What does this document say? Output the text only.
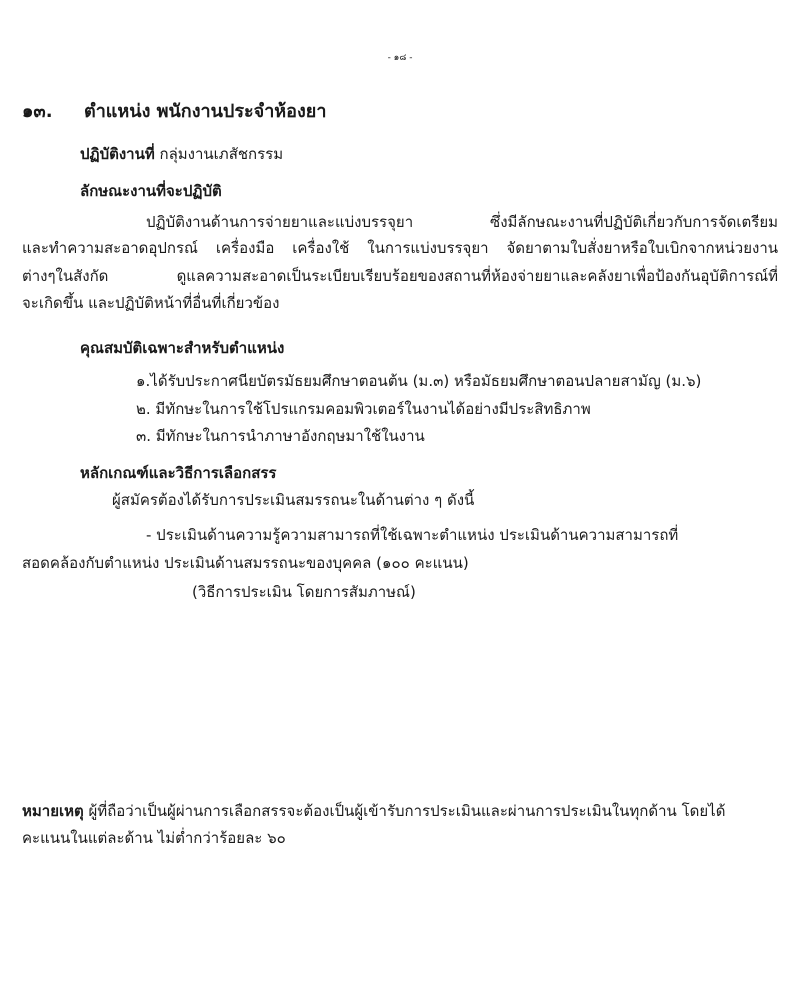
- ๑๘ -
๑๓. ตำแหน่ง พนักงานประจำห้องยา
ปฏิบัติงานที่ กลุ่มงานเภสัชกรรม
ลักษณะงานที่จะปฏิบัติ
ปฏิบัติงานด้านการจ่ายยาและแบ่งบรรจุยา ซึ่งมีลักษณะงานที่ปฏิบัติเกี่ยวกับการจัดเตรียม
และทำความสะอาดอุปกรณ์ เครื่องมือ เครื่องใช้ ในการแบ่งบรรจุยา จัดยาตามใบสั่งยาหรือใบเบิกจากหน่วยงาน
ต่างๆในสังกัด ดูแลความสะอาดเป็นระเบียบเรียบร้อยของสถานที่ห้องจ่ายยาและคลังยาเพื่อป้องกันอุบัติการณ์ที่
จะเกิดขึ้น และปฏิบัติหน้าที่อื่นที่เกี่ยวข้อง
คุณสมบัติเฉพาะสำหรับตำแหน่ง
๑.ได้รับประกาศนียบัตรมัธยมศึกษาตอนต้น (ม.๓) หรือมัธยมศึกษาตอนปลายสามัญ (ม.๖)
๒. มีทักษะในการใช้โปรแกรมคอมพิวเตอร์ในงานได้อย่างมีประสิทธิภาพ
๓. มีทักษะในการนำภาษาอังกฤษมาใช้ในงาน
หลักเกณฑ์และวิธีการเลือกสรร
ผู้สมัครต้องได้รับการประเมินสมรรถนะในด้านต่าง ๆ ดังนี้
- ประเมินด้านความรู้ความสามารถที่ใช้เฉพาะตำแหน่ง ประเมินด้านความสามารถที่
สอดคล้องกับตำแหน่ง ประเมินด้านสมรรถนะของบุคคล (๑๐๐ คะแนน)
(วิธีการประเมิน โดยการสัมภาษณ์)
หมายเหตุ ผู้ที่ถือว่าเป็นผู้ผ่านการเลือกสรรจะต้องเป็นผู้เข้ารับการประเมินและผ่านการประเมินในทุกด้าน โดยได้
คะแนนในแต่ละด้าน ไม่ต่ำกว่าร้อยละ ๖๐
